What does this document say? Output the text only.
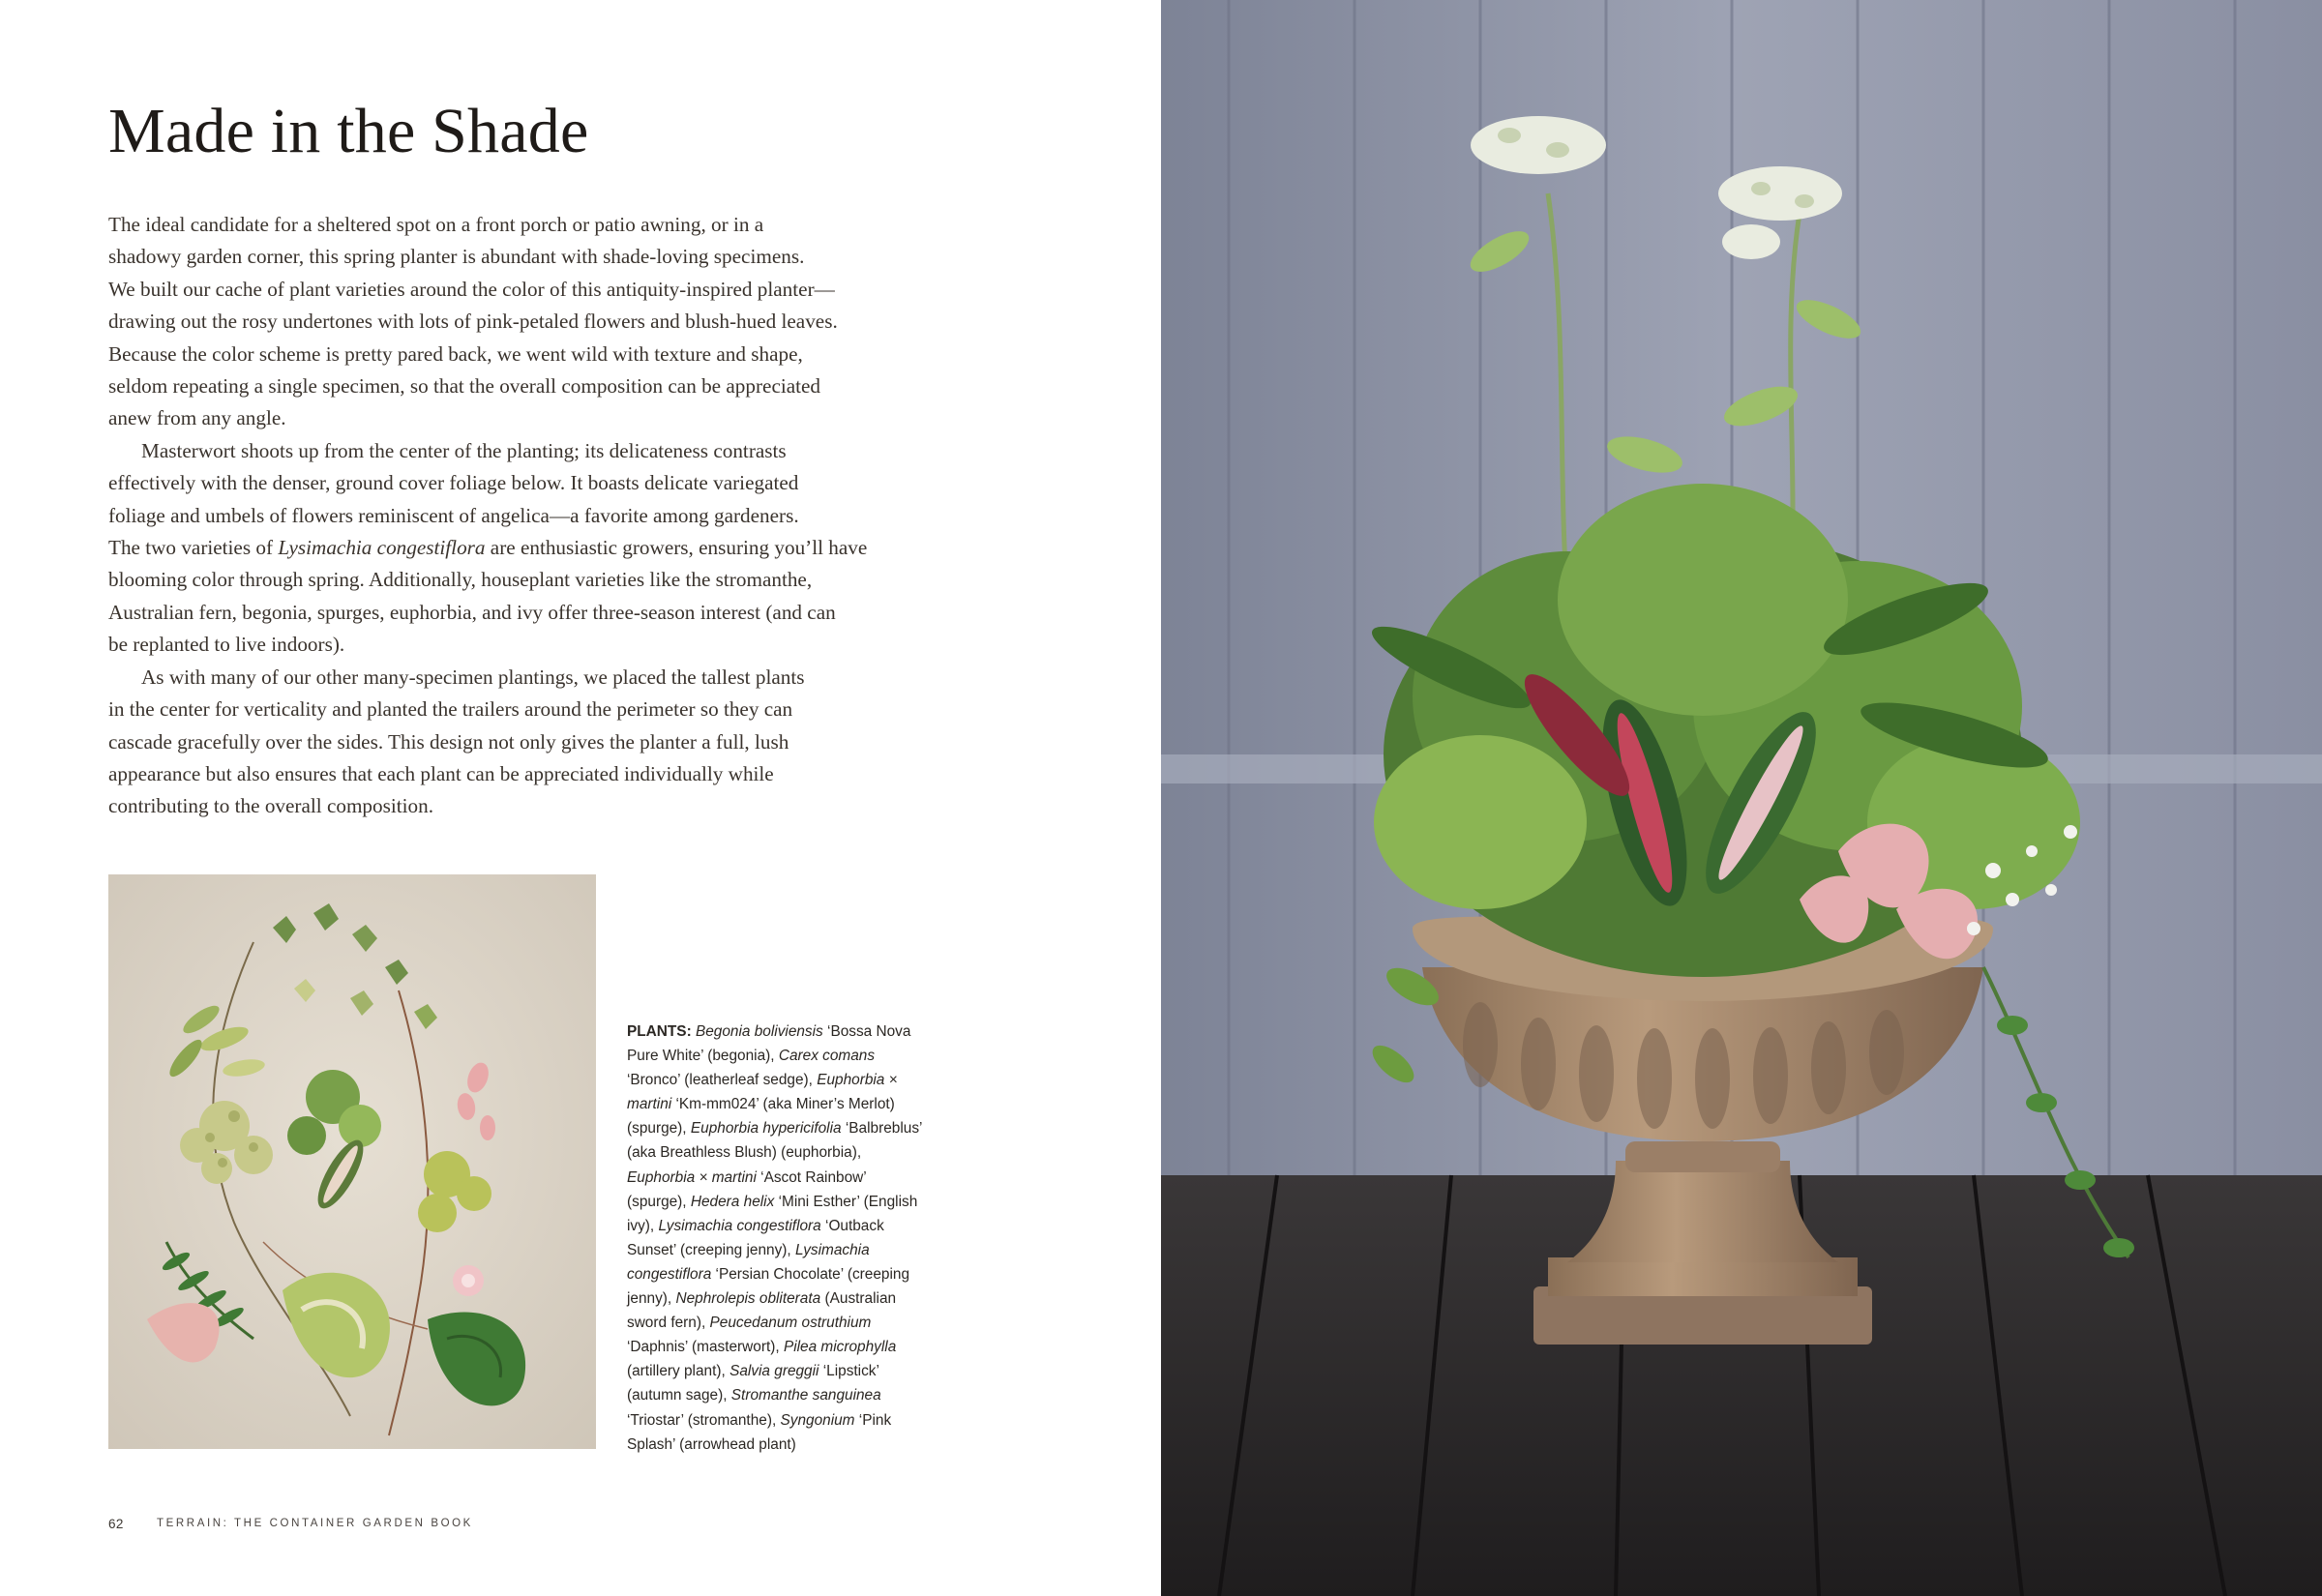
Made in the Shade
The ideal candidate for a sheltered spot on a front porch or patio awning, or in a
shadowy garden corner, this spring planter is abundant with shade-loving specimens.
We built our cache of plant varieties around the color of this antiquity-inspired planter—
drawing out the rosy undertones with lots of pink-petaled flowers and blush-hued leaves.
Because the color scheme is pretty pared back, we went wild with texture and shape,
seldom repeating a single specimen, so that the overall composition can be appreciated
anew from any angle.
Masterwort shoots up from the center of the planting; its delicateness contrasts
effectively with the denser, ground cover foliage below. It boasts delicate variegated
foliage and umbels of flowers reminiscent of angelica—a favorite among gardeners.
The two varieties of Lysimachia congestiflora are enthusiastic growers, ensuring you’ll have
blooming color through spring. Additionally, houseplant varieties like the stromanthe,
Australian fern, begonia, spurges, euphorbia, and ivy offer three-season interest (and can
be replanted to live indoors).
As with many of our other many-specimen plantings, we placed the tallest plants
in the center for verticality and planted the trailers around the perimeter so they can
cascade gracefully over the sides. This design not only gives the planter a full, lush
appearance but also ensures that each plant can be appreciated individually while
contributing to the overall composition.
PLANTS: Begonia boliviensis ‘Bossa Nova
Pure White’ (begonia), Carex comans
‘Bronco’ (leatherleaf sedge), Euphorbia ×
martini ‘Km-mm024’ (aka Miner’s Merlot)
(spurge), Euphorbia hypericifolia ‘Balbreblus’
(aka Breathless Blush) (euphorbia),
Euphorbia × martini ‘Ascot Rainbow’
(spurge), Hedera helix ‘Mini Esther’ (English
ivy), Lysimachia congestiflora ‘Outback
Sunset’ (creeping jenny), Lysimachia
congestiflora ‘Persian Chocolate’ (creeping
jenny), Nephrolepis obliterata (Australian
sword fern), Peucedanum ostruthium
‘Daphnis’ (masterwort), Pilea microphylla
(artillery plant), Salvia greggii ‘Lipstick’
(autumn sage), Stromanthe sanguinea
‘Triostar’ (stromanthe), Syngonium ‘Pink
Splash’ (arrowhead plant)
62	TERRAIN: THE CONTAINER GARDEN BOOK
